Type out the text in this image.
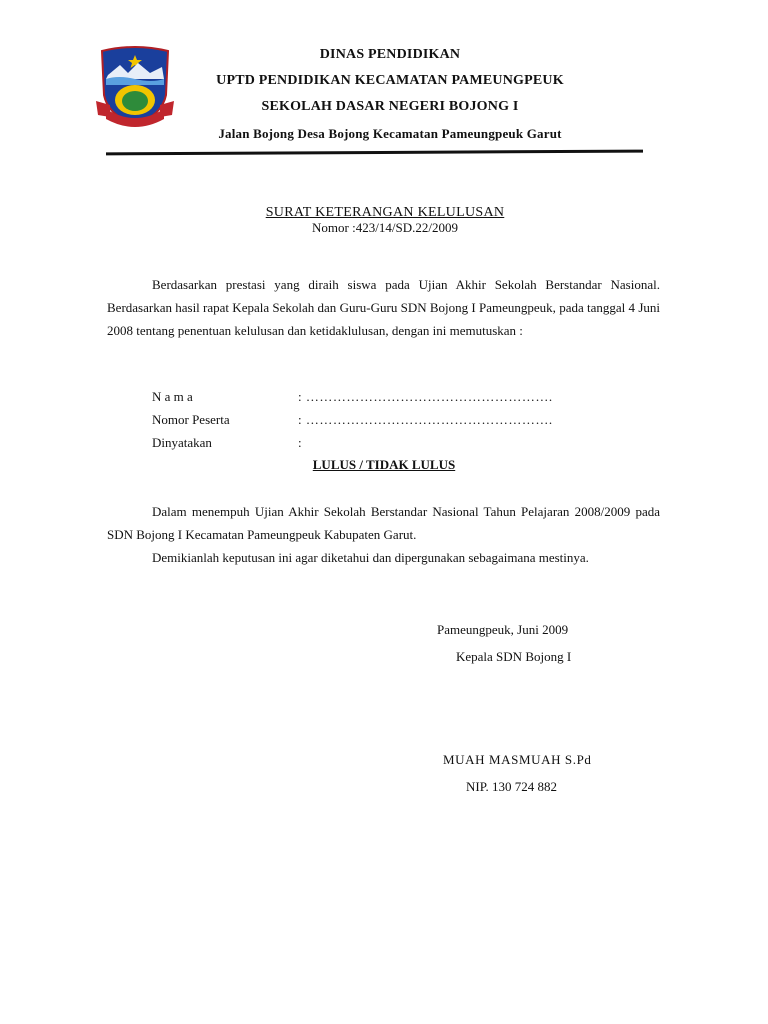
DINAS PENDIDIKAN
UPTD PENDIDIKAN KECAMATAN PAMEUNGPEUK
SEKOLAH DASAR NEGERI BOJONG I
Jalan Bojong Desa Bojong Kecamatan Pameungpeuk Garut
SURAT KETERANGAN KELULUSAN
Nomor :423/14/SD.22/2009
Berdasarkan prestasi yang diraih siswa pada Ujian Akhir Sekolah Berstandar Nasional. Berdasarkan hasil rapat Kepala Sekolah dan Guru-Guru SDN Bojong I Pameungpeuk, pada tanggal 4 Juni 2008 tentang penentuan kelulusan dan ketidaklulusan, dengan ini memutuskan :
N a m a	: ……………………………………………….
Nomor Peserta	: ……………………………………………….
Dinyatakan	:
LULUS / TIDAK LULUS
Dalam menempuh Ujian Akhir Sekolah Berstandar Nasional Tahun Pelajaran 2008/2009 pada SDN Bojong I Kecamatan Pameungpeuk Kabupaten Garut.
Demikianlah keputusan ini agar diketahui dan dipergunakan sebagaimana mestinya.
Pameungpeuk, Juni 2009
Kepala SDN Bojong I
MUAH MASMUAH S.Pd
NIP. 130 724 882
